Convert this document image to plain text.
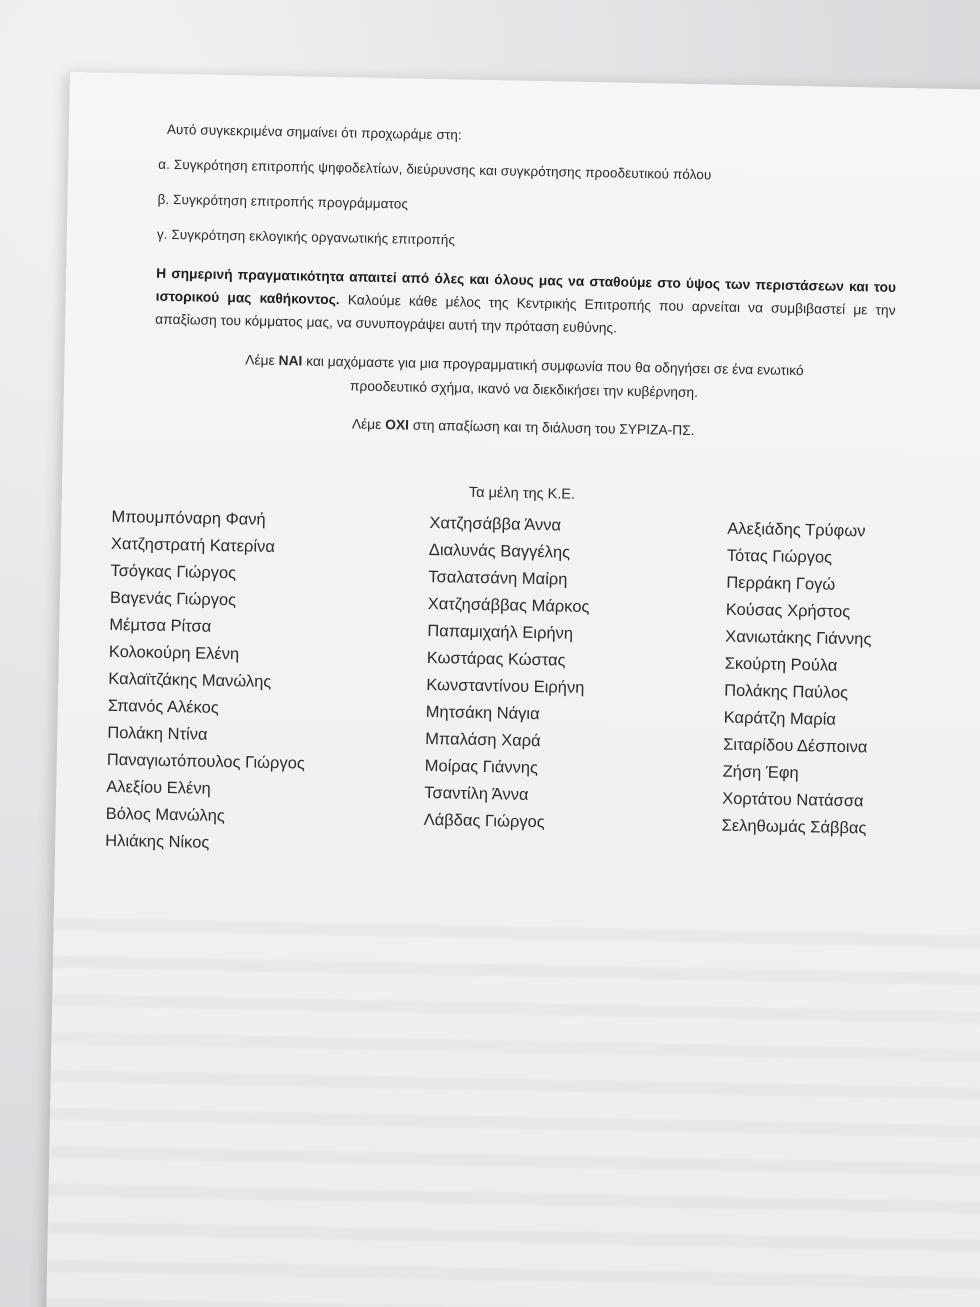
Αυτό συγκεκριμένα σημαίνει ότι προχωράμε στη:

α. Συγκρότηση επιτροπής ψηφοδελτίων, διεύρυνσης και συγκρότησης προοδευτικού πόλου

β. Συγκρότηση επιτροπής προγράμματος

γ. Συγκρότηση εκλογικής οργανωτικής επιτροπής

Η σημερινή πραγματικότητα απαιτεί από όλες και όλους μας να σταθούμε στο ύψος των περιστάσεων και του ιστορικού μας καθήκοντος. Καλούμε κάθε μέλος της Κεντρικής Επιτροπής που αρνείται να συμβιβαστεί με την απαξίωση του κόμματος μας, να συνυπογράψει αυτή την πρόταση ευθύνης.

Λέμε ΝΑΙ και μαχόμαστε για μια προγραμματική συμφωνία που θα οδηγήσει σε ένα ενωτικό
προοδευτικό σχήμα, ικανό να διεκδικήσει την κυβέρνηση.

Λέμε ΟΧΙ στη απαξίωση και τη διάλυση του ΣΥΡΙΖΑ-ΠΣ.

Τα μέλη της Κ.Ε.

Μπουμπόναρη Φανή
Χατζηστρατή Κατερίνα
Τσόγκας Γιώργος
Βαγενάς Γιώργος
Μέμτσα Ρίτσα
Κολοκούρη Ελένη
Καλαϊτζάκης Μανώλης
Σπανός Αλέκος
Πολάκη Ντίνα
Παναγιωτόπουλος Γιώργος
Αλεξίου Ελένη
Βόλος Μανώλης
Ηλιάκης Νίκος
Χατζησάββα Άννα
Διαλυνάς Βαγγέλης
Τσαλατσάνη Μαίρη
Χατζησάββας Μάρκος
Παπαμιχαήλ Ειρήνη
Κωστάρας Κώστας
Κωνσταντίνου Ειρήνη
Μητσάκη Νάγια
Μπαλάση Χαρά
Μοίρας Γιάννης
Τσαντίλη Άννα
Λάβδας Γιώργος
Αλεξιάδης Τρύφων
Τότας Γιώργος
Περράκη Γογώ
Κούσας Χρήστος
Χανιωτάκης Γιάννης
Σκούρτη Ρούλα
Πολάκης Παύλος
Καράτζη Μαρία
Σιταρίδου Δέσποινα
Ζήση Έφη
Χορτάτου Νατάσσα
Σεληθωμάς Σάββας
